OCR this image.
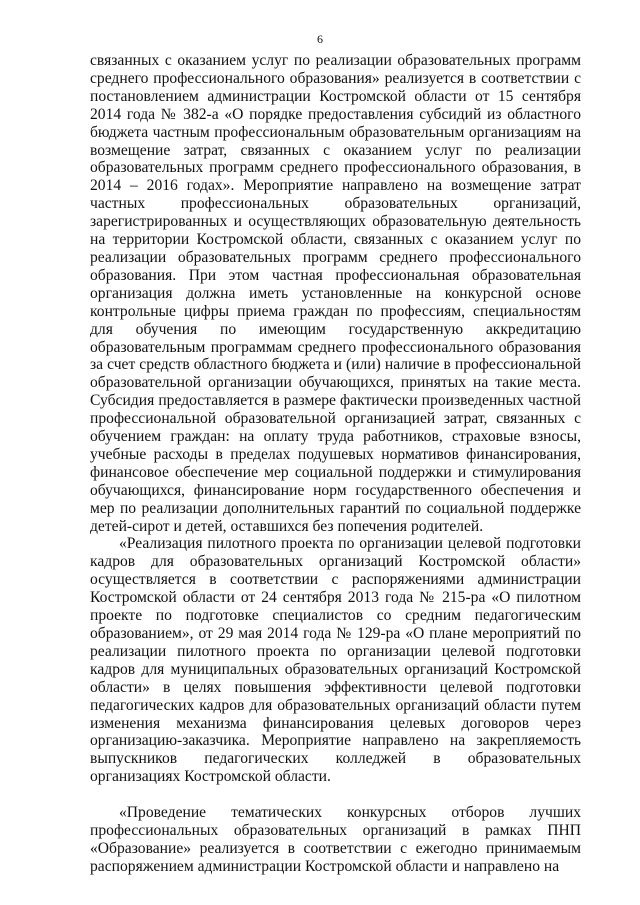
6

связанных с оказанием услуг по реализации образовательных программ среднего профессионального образования» реализуется в соответствии с постановлением администрации Костромской области от 15 сентября 2014 года № 382-а «О порядке предоставления субсидий из областного бюджета частным профессиональным образовательным организациям на возмещение затрат, связанных с оказанием услуг по реализации образовательных программ среднего профессионального образования, в 2014 – 2016 годах». Мероприятие направлено на возмещение затрат частных профессиональных образовательных организаций, зарегистрированных и осуществляющих образовательную деятельность на территории Костромской области, связанных с оказанием услуг по реализации образовательных программ среднего профессионального образования. При этом частная профессиональная образовательная организация должна иметь установленные на конкурсной основе контрольные цифры приема граждан по профессиям, специальностям для обучения по имеющим государственную аккредитацию образовательным программам среднего профессионального образования за счет средств областного бюджета и (или) наличие в профессиональной образовательной организации обучающихся, принятых на такие места. Субсидия предоставляется в размере фактически произведенных частной профессиональной образовательной организацией затрат, связанных с обучением граждан: на оплату труда работников, страховые взносы, учебные расходы в пределах подушевых нормативов финансирования, финансовое обеспечение мер социальной поддержки и стимулирования обучающихся, финансирование норм государственного обеспечения и мер по реализации дополнительных гарантий по социальной поддержке детей-сирот и детей, оставшихся без попечения родителей.

«Реализация пилотного проекта по организации целевой подготовки кадров для образовательных организаций Костромской области» осуществляется в соответствии с распоряжениями администрации Костромской области от 24 сентября 2013 года № 215-ра «О пилотном проекте по подготовке специалистов со средним педагогическим образованием», от 29 мая 2014 года № 129-ра «О плане мероприятий по реализации пилотного проекта по организации целевой подготовки кадров для муниципальных образовательных организаций Костромской области» в целях повышения эффективности целевой подготовки педагогических кадров для образовательных организаций области путем изменения механизма финансирования целевых договоров через организацию-заказчика. Мероприятие направлено на закрепляемость выпускников педагогических колледжей в образовательных организациях Костромской области.

«Проведение тематических конкурсных отборов лучших профессиональных образовательных организаций в рамках ПНП «Образование» реализуется в соответствии с ежегодно принимаемым распоряжением администрации Костромской области и направлено на
